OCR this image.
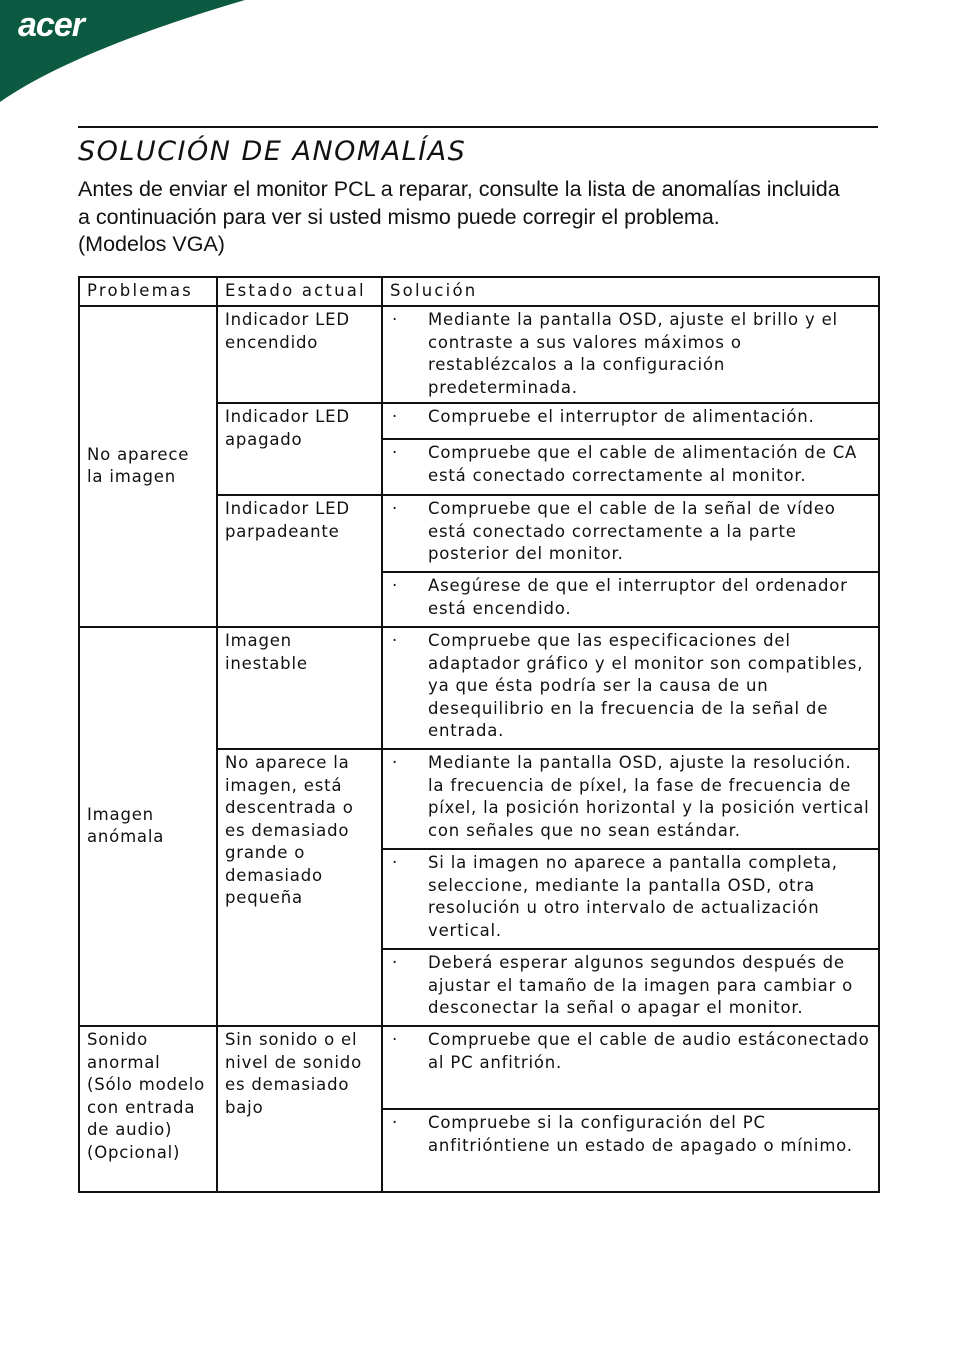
acer
SOLUCIÓN DE ANOMALÍAS

Antes de enviar el monitor PCL a reparar, consulte la lista de anomalías incluida

a continuación para ver si usted mismo puede corregir el problema.

(Modelos VGA)

Problemas	Estado actual	Solución
No aparece la imagen	Indicador LED encendido	· Mediante la pantalla OSD, ajuste el brillo y el contraste a sus valores máximos o restablézcalos a la configuración predeterminada.

	Indicador LED apagado	· Compruebe el interruptor de alimentación.

		· Compruebe que el cable de alimentación de CA está conectado correctamente al monitor.

	Indicador LED parpadeante	· Compruebe que el cable de la señal de vídeo está conectado correctamente a la parte posterior del monitor.

		· Asegúrese de que el interruptor del ordenador está encendido.

Imagen anómala	Imagen inestable	· Compruebe que las especificaciones del adaptador gráfico y el monitor son compatibles, ya que ésta podría ser la causa de un desequilibrio en la frecuencia de la señal de entrada.

	No aparece la imagen, está descentrada o es demasiado grande o demasiado pequeña	· Mediante la pantalla OSD, ajuste la resolución. la frecuencia de píxel, la fase de frecuencia de píxel, la posición horizontal y la posición vertical con señales que no sean estándar.

		· Si la imagen no aparece a pantalla completa, seleccione, mediante la pantalla OSD, otra resolución u otro intervalo de actualización vertical.

		· Deberá esperar algunos segundos después de ajustar el tamaño de la imagen para cambiar o desconectar la señal o apagar el monitor.

Sonido anormal (Sólo modelo con entrada de audio) (Opcional)	Sin sonido o el nivel de sonido es demasiado bajo	· Compruebe que el cable de audio estáconectado al PC anfitrión.

		· Compruebe si la configuración del PC anfitrióntiene un estado de apagado o mínimo.
